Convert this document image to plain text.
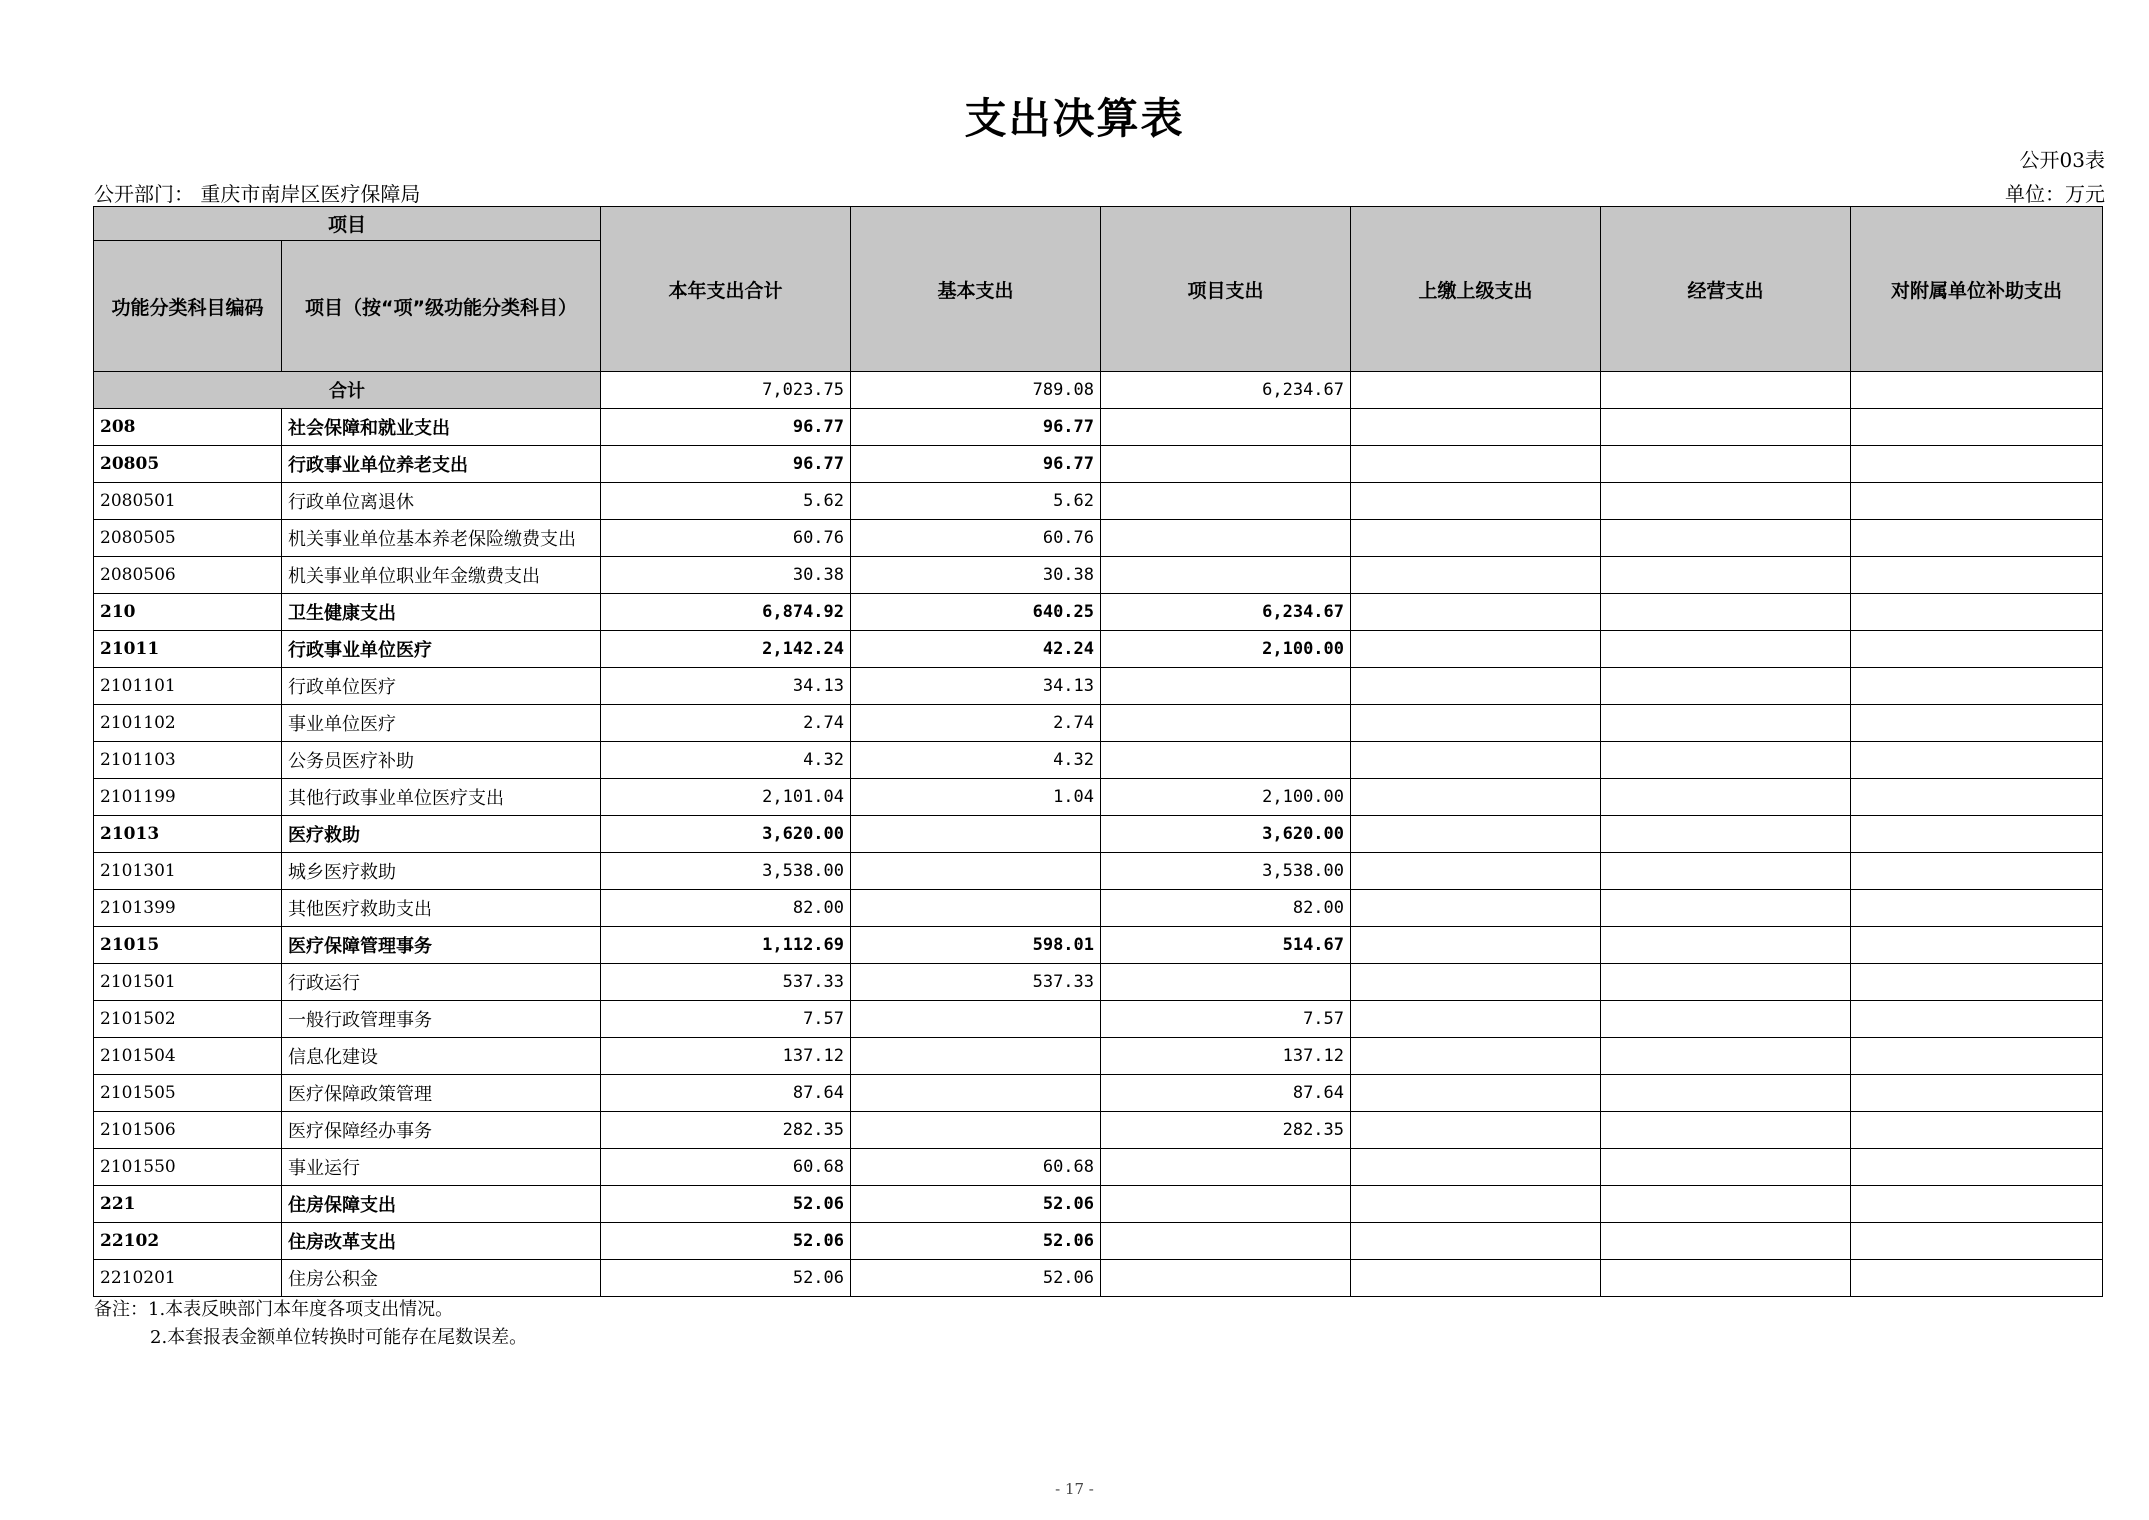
支出决算表
公开03表
公开部门： 重庆市南岸区医疗保障局	单位：万元
项目		本年支出合计	基本支出	项目支出	上缴上级支出	经营支出	对附属单位补助支出
功能分类科目编码	项目（按“项”级功能分类科目）						
合计		7,023.75	789.08	6,234.67			
208	社会保障和就业支出	96.77	96.77				
20805	行政事业单位养老支出	96.77	96.77				
2080501	行政单位离退休	5.62	5.62				
2080505	机关事业单位基本养老保险缴费支出	60.76	60.76				
2080506	机关事业单位职业年金缴费支出	30.38	30.38				
210	卫生健康支出	6,874.92	640.25	6,234.67			
21011	行政事业单位医疗	2,142.24	42.24	2,100.00			
2101101	行政单位医疗	34.13	34.13				
2101102	事业单位医疗	2.74	2.74				
2101103	公务员医疗补助	4.32	4.32				
2101199	其他行政事业单位医疗支出	2,101.04	1.04	2,100.00			
21013	医疗救助	3,620.00		3,620.00			
2101301	城乡医疗救助	3,538.00		3,538.00			
2101399	其他医疗救助支出	82.00		82.00			
21015	医疗保障管理事务	1,112.69	598.01	514.67			
2101501	行政运行	537.33	537.33				
2101502	一般行政管理事务	7.57		7.57			
2101504	信息化建设	137.12		137.12			
2101505	医疗保障政策管理	87.64		87.64			
2101506	医疗保障经办事务	282.35		282.35			
2101550	事业运行	60.68	60.68				
221	住房保障支出	52.06	52.06				
22102	住房改革支出	52.06	52.06				
2210201	住房公积金	52.06	52.06				
备注：1.本表反映部门本年度各项支出情况。
2.本套报表金额单位转换时可能存在尾数误差。
- 17 -
